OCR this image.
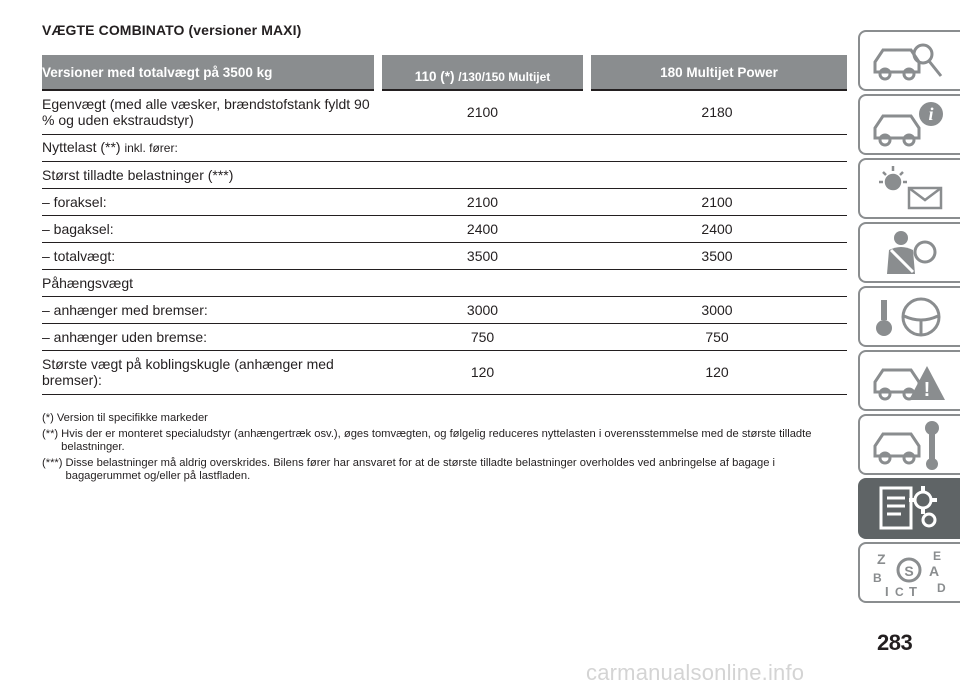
VÆGTE COMBINATO (versioner MAXI)
Versioner med totalvægt på 3500 kg	110 (*) /130/150 Multijet	180 Multijet Power
Egenvægt (med alle væsker, brændstofstank fyldt 90 % og uden ekstraudstyr)	2100	2180
Nyttelast (**) inkl. fører:		
Størst tilladte belastninger (***)		
– foraksel:	2100	2100
– bagaksel:	2400	2400
– totalvægt:	3500	3500
Påhængsvægt		
– anhænger med bremser:	3000	3000
– anhænger uden bremse:	750	750
Største vægt på koblingskugle (anhænger med bremser):	120	120
(*) Version til specifikke markeder
(**) Hvis der er monteret specialudstyr (anhængertræk osv.), øges tomvægten, og følgelig reduceres nyttelasten i overensstemmelse med de største tilladte belastninger.
(***) Disse belastninger må aldrig overskrides. Bilens fører har ansvaret for at de største tilladte belastninger overholdes ved anbringelse af bagage i bagagerummet og/eller på lastfladen.
i
!
Z	E
A
B
D
I C T
S
283
carmanualsonline.info
